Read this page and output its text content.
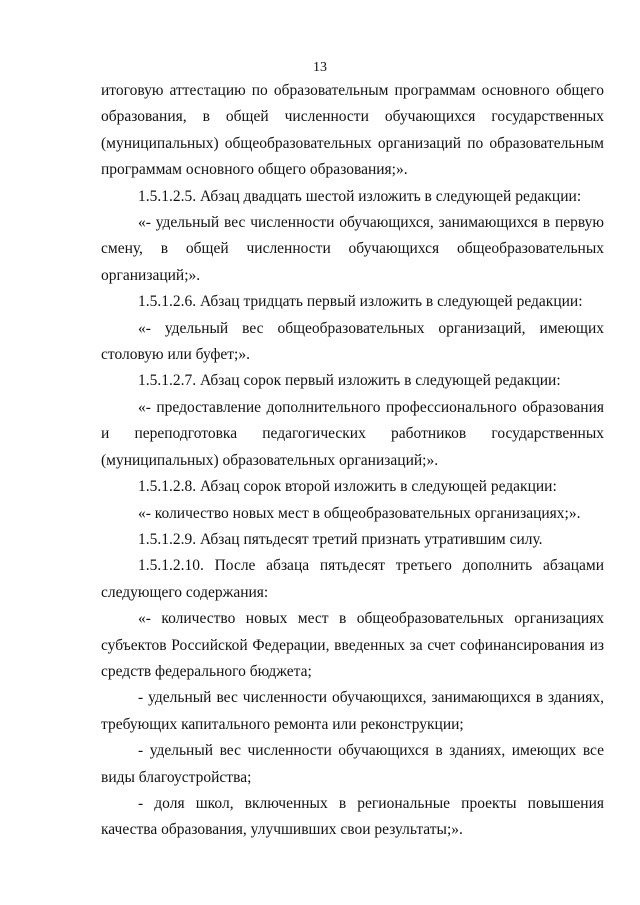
13

итоговую аттестацию по образовательным программам основного общего образования, в общей численности обучающихся государственных (муниципальных) общеобразовательных организаций по образовательным программам основного общего образования;».

1.5.1.2.5. Абзац двадцать шестой изложить в следующей редакции:

«- удельный вес численности обучающихся, занимающихся в первую смену, в общей численности обучающихся общеобразовательных организаций;».

1.5.1.2.6. Абзац тридцать первый изложить в следующей редакции:

«- удельный вес общеобразовательных организаций, имеющих столовую или буфет;».

1.5.1.2.7. Абзац сорок первый изложить в следующей редакции:

«- предоставление дополнительного профессионального образования и переподготовка педагогических работников государственных (муниципальных) образовательных организаций;».

1.5.1.2.8. Абзац сорок второй изложить в следующей редакции:

«- количество новых мест в общеобразовательных организациях;».

1.5.1.2.9. Абзац пятьдесят третий признать утратившим силу.

1.5.1.2.10. После абзаца пятьдесят третьего дополнить абзацами следующего содержания:

«- количество новых мест в общеобразовательных организациях субъектов Российской Федерации, введенных за счет софинансирования из средств федерального бюджета;

- удельный вес численности обучающихся, занимающихся в зданиях, требующих капитального ремонта или реконструкции;

- удельный вес численности обучающихся в зданиях, имеющих все виды благоустройства;

- доля школ, включенных в региональные проекты повышения качества образования, улучшивших свои результаты;».
